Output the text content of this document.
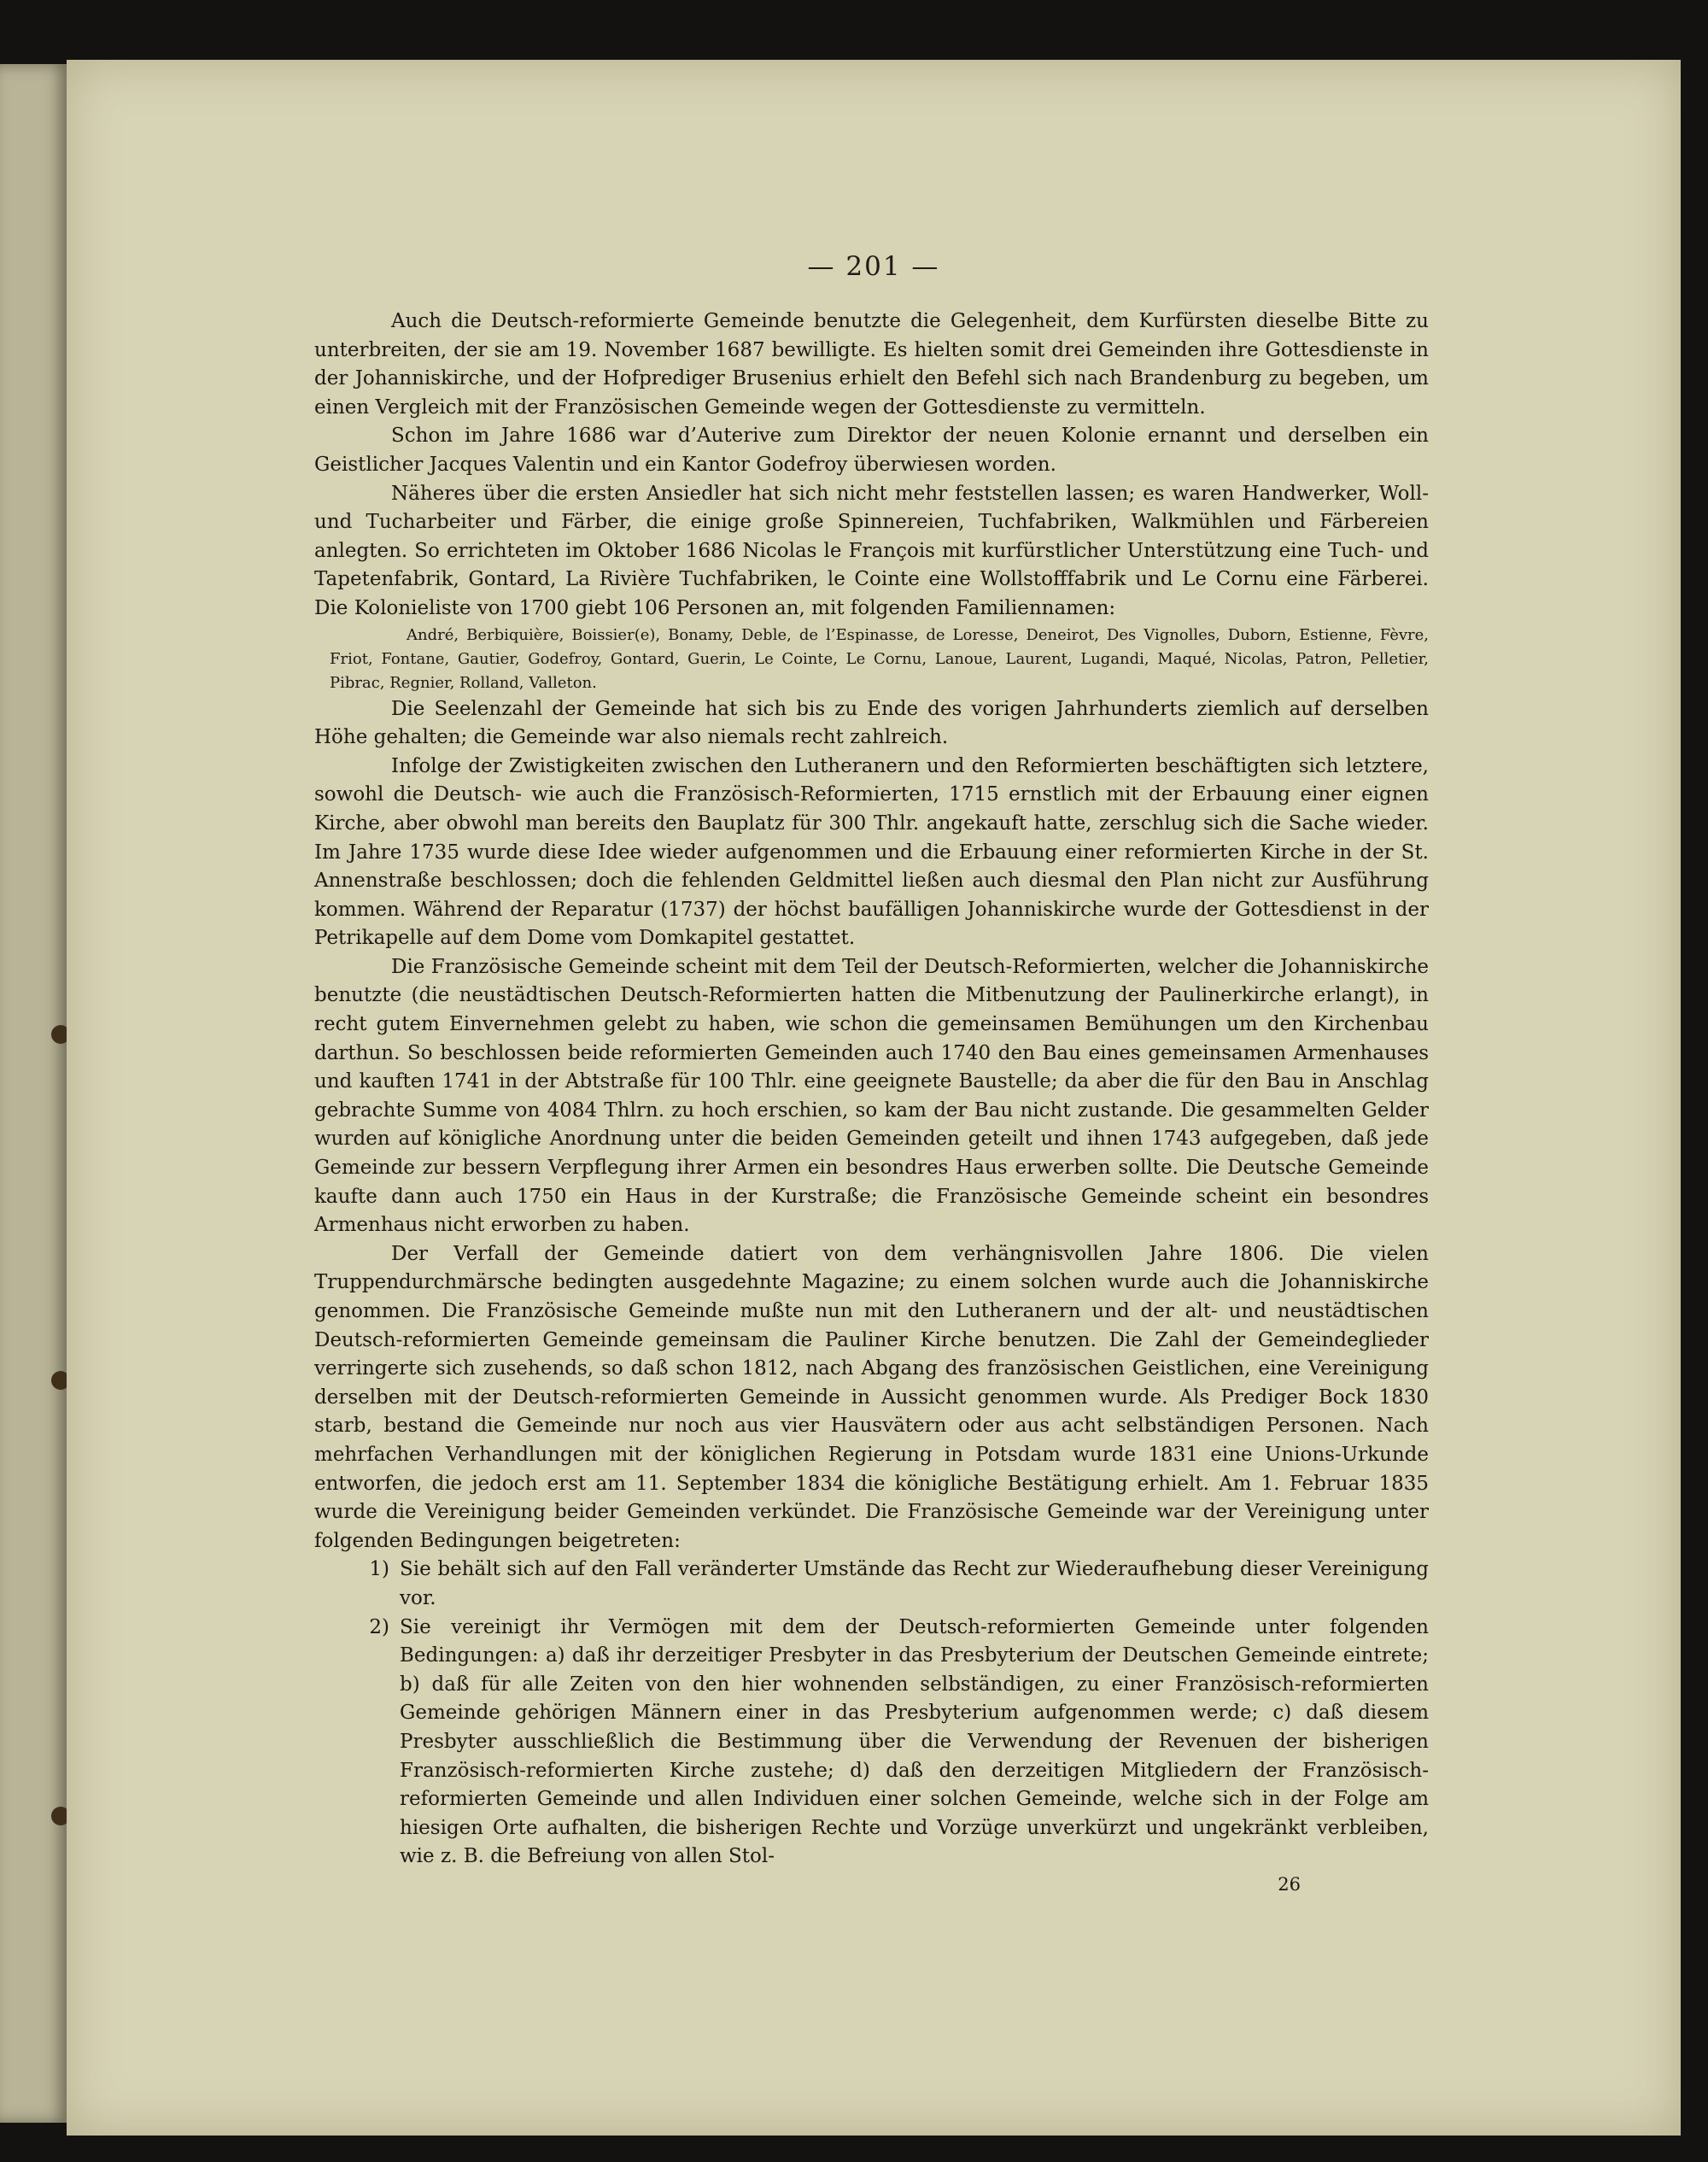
— 201 —

Auch die Deutsch-reformierte Gemeinde benutzte die Gelegenheit, dem Kurfürsten dieselbe Bitte zu unterbreiten, der sie am 19. November 1687 bewilligte. Es hielten somit drei Gemeinden ihre Gottesdienste in der Johanniskirche, und der Hofprediger Brusenius erhielt den Befehl sich nach Brandenburg zu begeben, um einen Vergleich mit der Französischen Gemeinde wegen der Gottesdienste zu vermitteln.

Schon im Jahre 1686 war d’Auterive zum Direktor der neuen Kolonie ernannt und derselben ein Geistlicher Jacques Valentin und ein Kantor Godefroy überwiesen worden.

Näheres über die ersten Ansiedler hat sich nicht mehr feststellen lassen; es waren Handwerker, Woll- und Tucharbeiter und Färber, die einige große Spinnereien, Tuchfabriken, Walkmühlen und Färbereien anlegten. So errichteten im Oktober 1686 Nicolas le François mit kurfürstlicher Unterstützung eine Tuch- und Tapetenfabrik, Gontard, La Rivière Tuchfabriken, le Cointe eine Wollstofffabrik und Le Cornu eine Färberei. Die Kolonieliste von 1700 giebt 106 Personen an, mit folgenden Familiennamen:

André, Berbiquière, Boissier(e), Bonamy, Deble, de l’Espinasse, de Loresse, Deneirot, Des Vignolles, Duborn, Estienne, Fèvre, Friot, Fontane, Gautier, Godefroy, Gontard, Guerin, Le Cointe, Le Cornu, Lanoue, Laurent, Lugandi, Maqué, Nicolas, Patron, Pelletier, Pibrac, Regnier, Rolland, Valleton.

Die Seelenzahl der Gemeinde hat sich bis zu Ende des vorigen Jahrhunderts ziemlich auf derselben Höhe gehalten; die Gemeinde war also niemals recht zahlreich.

Infolge der Zwistigkeiten zwischen den Lutheranern und den Reformierten beschäftigten sich letztere, sowohl die Deutsch- wie auch die Französisch-Reformierten, 1715 ernstlich mit der Erbauung einer eignen Kirche, aber obwohl man bereits den Bauplatz für 300 Thlr. angekauft hatte, zerschlug sich die Sache wieder. Im Jahre 1735 wurde diese Idee wieder aufgenommen und die Erbauung einer reformierten Kirche in der St. Annenstraße beschlossen; doch die fehlenden Geldmittel ließen auch diesmal den Plan nicht zur Ausführung kommen. Während der Reparatur (1737) der höchst baufälligen Johanniskirche wurde der Gottesdienst in der Petrikapelle auf dem Dome vom Domkapitel gestattet.

Die Französische Gemeinde scheint mit dem Teil der Deutsch-Reformierten, welcher die Johanniskirche benutzte (die neustädtischen Deutsch-Reformierten hatten die Mitbenutzung der Paulinerkirche erlangt), in recht gutem Einvernehmen gelebt zu haben, wie schon die gemeinsamen Bemühungen um den Kirchenbau darthun. So beschlossen beide reformierten Gemeinden auch 1740 den Bau eines gemeinsamen Armenhauses und kauften 1741 in der Abtstraße für 100 Thlr. eine geeignete Baustelle; da aber die für den Bau in Anschlag gebrachte Summe von 4084 Thlrn. zu hoch erschien, so kam der Bau nicht zustande. Die gesammelten Gelder wurden auf königliche Anordnung unter die beiden Gemeinden geteilt und ihnen 1743 aufgegeben, daß jede Gemeinde zur bessern Verpflegung ihrer Armen ein besondres Haus erwerben sollte. Die Deutsche Gemeinde kaufte dann auch 1750 ein Haus in der Kurstraße; die Französische Gemeinde scheint ein besondres Armenhaus nicht erworben zu haben.

Der Verfall der Gemeinde datiert von dem verhängnisvollen Jahre 1806. Die vielen Truppendurchmärsche bedingten ausgedehnte Magazine; zu einem solchen wurde auch die Johanniskirche genommen. Die Französische Gemeinde mußte nun mit den Lutheranern und der alt- und neustädtischen Deutsch-reformierten Gemeinde gemeinsam die Pauliner Kirche benutzen. Die Zahl der Gemeindeglieder verringerte sich zusehends, so daß schon 1812, nach Abgang des französischen Geistlichen, eine Vereinigung derselben mit der Deutsch-reformierten Gemeinde in Aussicht genommen wurde. Als Prediger Bock 1830 starb, bestand die Gemeinde nur noch aus vier Hausvätern oder aus acht selbständigen Personen. Nach mehrfachen Verhandlungen mit der königlichen Regierung in Potsdam wurde 1831 eine Unions-Urkunde entworfen, die jedoch erst am 11. September 1834 die königliche Bestätigung erhielt. Am 1. Februar 1835 wurde die Vereinigung beider Gemeinden verkündet. Die Französische Gemeinde war der Vereinigung unter folgenden Bedingungen beigetreten:

1) Sie behält sich auf den Fall veränderter Umstände das Recht zur Wiederaufhebung dieser Vereinigung vor.
2) Sie vereinigt ihr Vermögen mit dem der Deutsch-reformierten Gemeinde unter folgenden Bedingungen: a) daß ihr derzeitiger Presbyter in das Presbyterium der Deutschen Gemeinde eintrete; b) daß für alle Zeiten von den hier wohnenden selbständigen, zu einer Französisch-reformierten Gemeinde gehörigen Männern einer in das Presbyterium aufgenommen werde; c) daß diesem Presbyter ausschließlich die Bestimmung über die Verwendung der Revenuen der bisherigen Französisch-reformierten Kirche zustehe; d) daß den derzeitigen Mitgliedern der Französisch-reformierten Gemeinde und allen Individuen einer solchen Gemeinde, welche sich in der Folge am hiesigen Orte aufhalten, die bisherigen Rechte und Vorzüge unverkürzt und ungekränkt verbleiben, wie z. B. die Befreiung von allen Stol-
26
